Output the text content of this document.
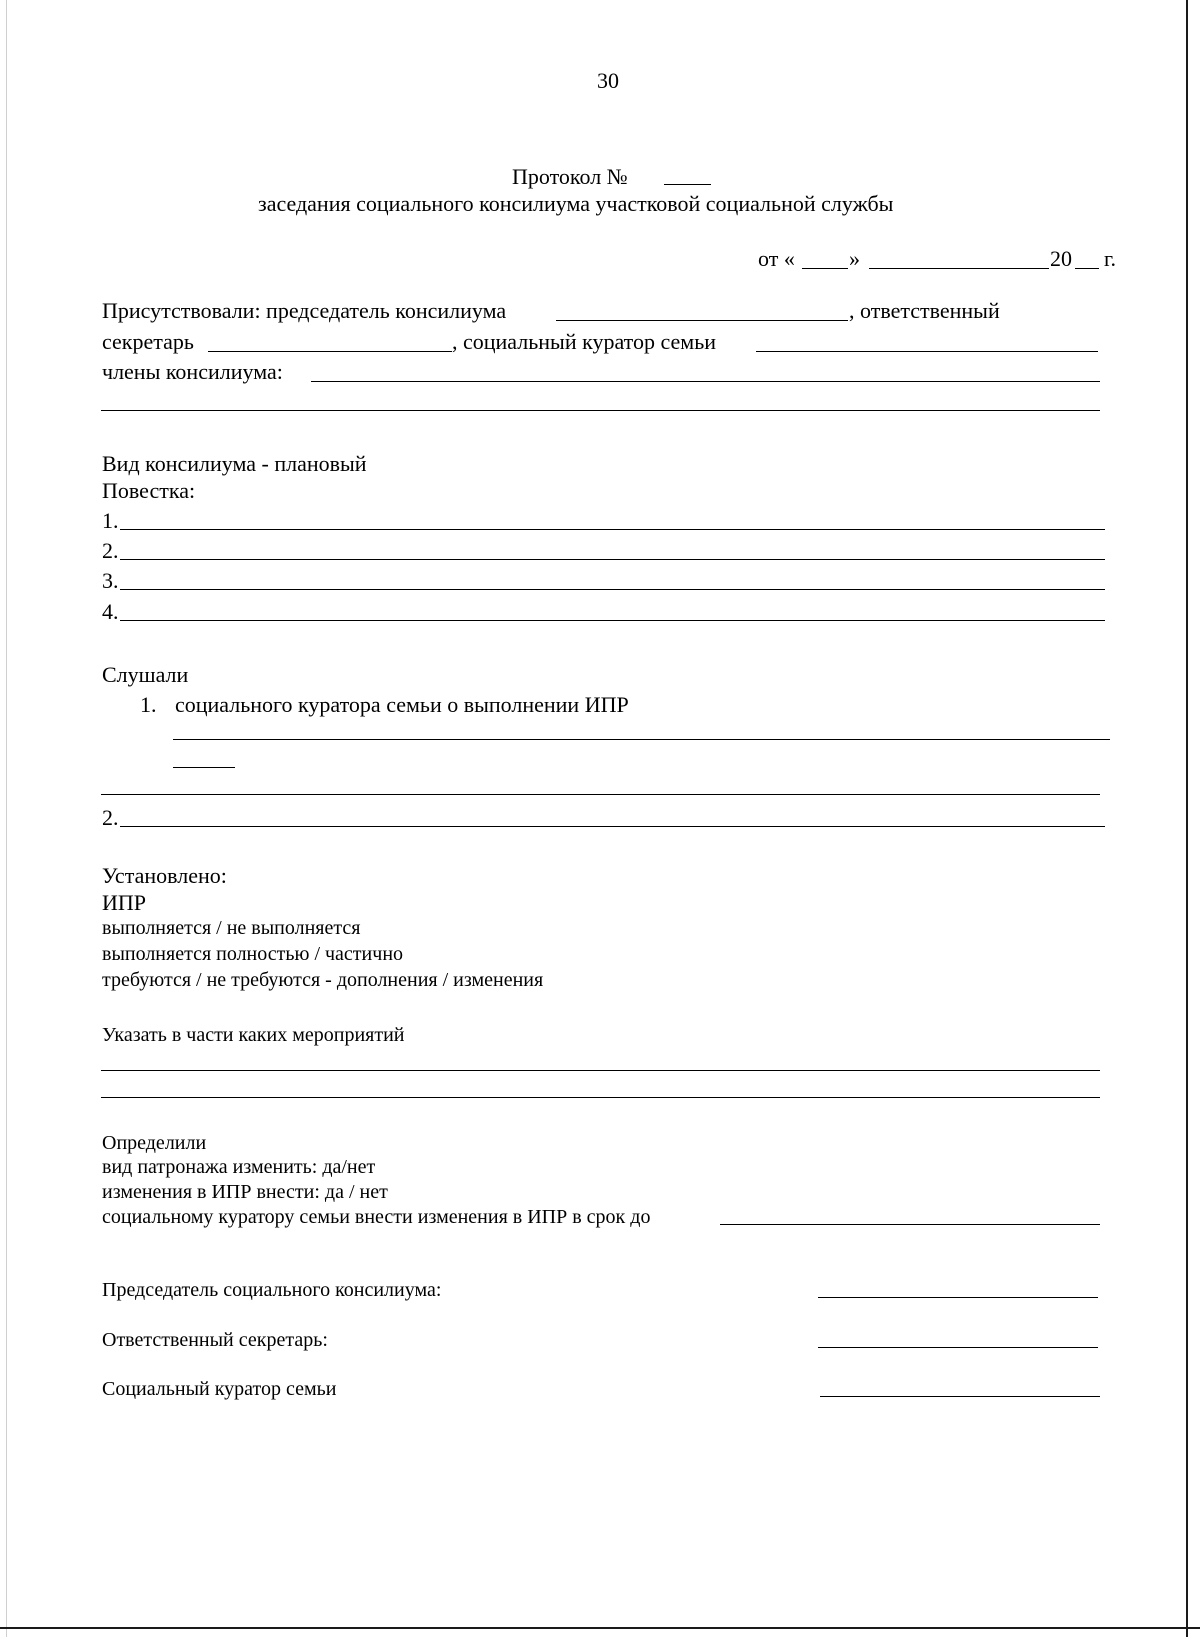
30
Протокол №
заседания социального консилиума участковой социальной службы
от « »	20 г.
Присутствовали: председатель консилиума	, ответственный
секретарь	, социальный куратор семьи
члены консилиума:
Вид консилиума - плановый
Повестка:
1.
2.
3.
4.
Слушали
1. социального куратора семьи о выполнении ИПР
2.
Установлено:
ИПР
выполняется / не выполняется
выполняется полностью / частично
требуются / не требуются - дополнения / изменения
Указать в части каких мероприятий
Определили
вид патронажа изменить: да/нет
изменения в ИПР внести: да / нет
социальному куратору семьи внести изменения в ИПР в срок до
Председатель социального консилиума:
Ответственный секретарь:
Социальный куратор семьи
